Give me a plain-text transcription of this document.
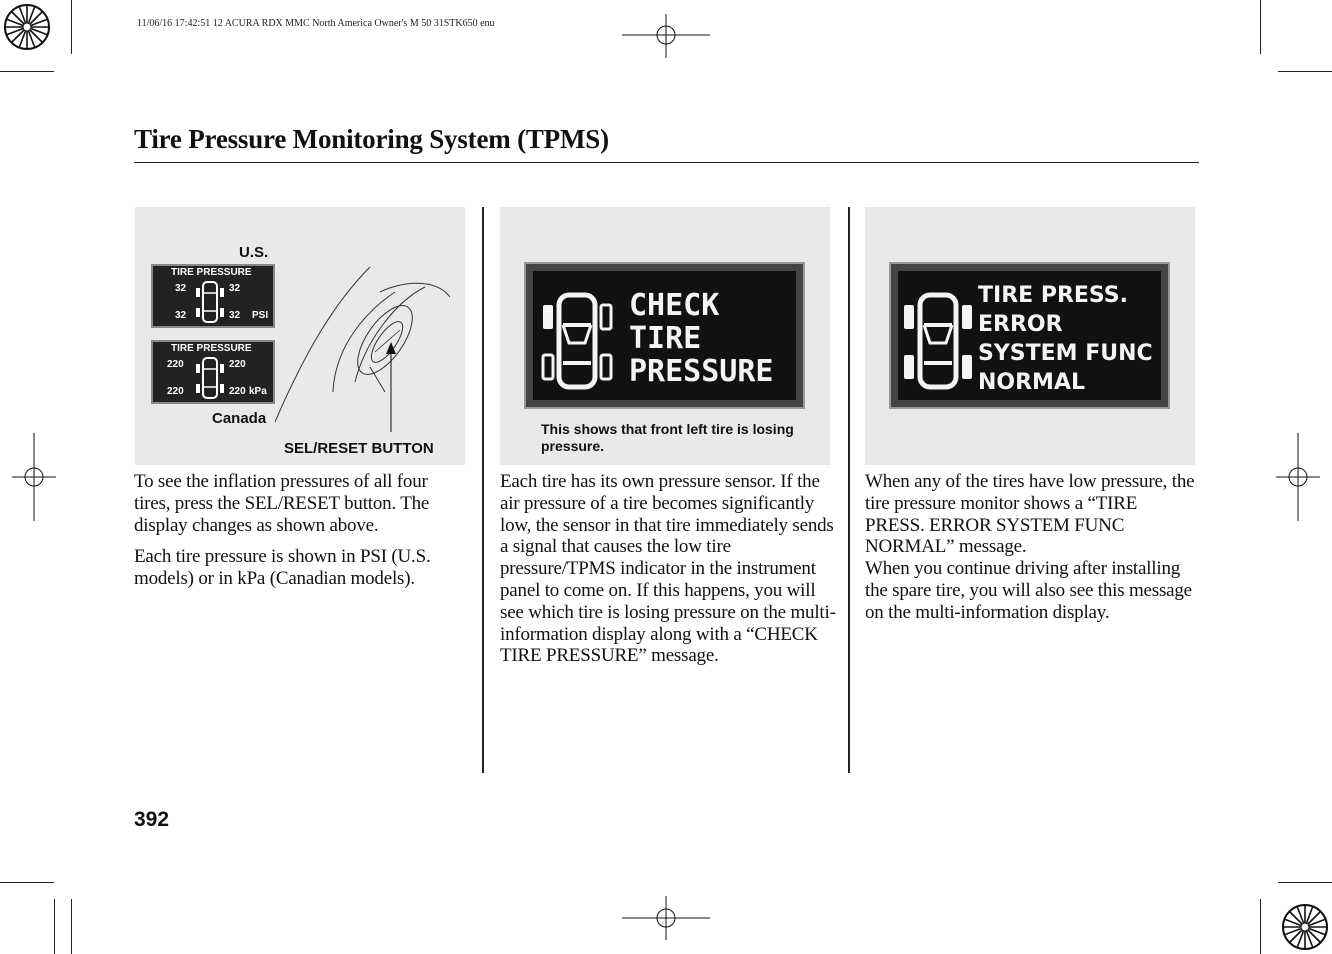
11/06/16 17:42:51 12 ACURA RDX MMC North America Owner's M 50 31STK650 enu
Tire Pressure Monitoring System (TPMS)
U.S.
TIRE PRESSURE
32	32
32	32 PSI
TIRE PRESSURE
220	220
220	220 kPa
Canada
SEL/RESET BUTTON
CHECK
TIRE
PRESSURE
This shows that front left tire is losing pressure.
TIRE PRESS.
ERROR
SYSTEM FUNC
NORMAL

To see the inflation pressures of all four tires, press the SEL/RESET button. The display changes as shown above.

Each tire pressure is shown in PSI (U.S. models) or in kPa (Canadian models).

Each tire has its own pressure sensor. If the air pressure of a tire becomes significantly low, the sensor in that tire immediately sends a signal that causes the low tire pressure/TPMS indicator in the instrument panel to come on. If this happens, you will see which tire is losing pressure on the multi-information display along with a “CHECK TIRE PRESSURE” message.

When any of the tires have low pressure, the tire pressure monitor shows a “TIRE PRESS. ERROR SYSTEM FUNC NORMAL” message.

When you continue driving after installing the spare tire, you will also see this message on the multi-information display.

392
